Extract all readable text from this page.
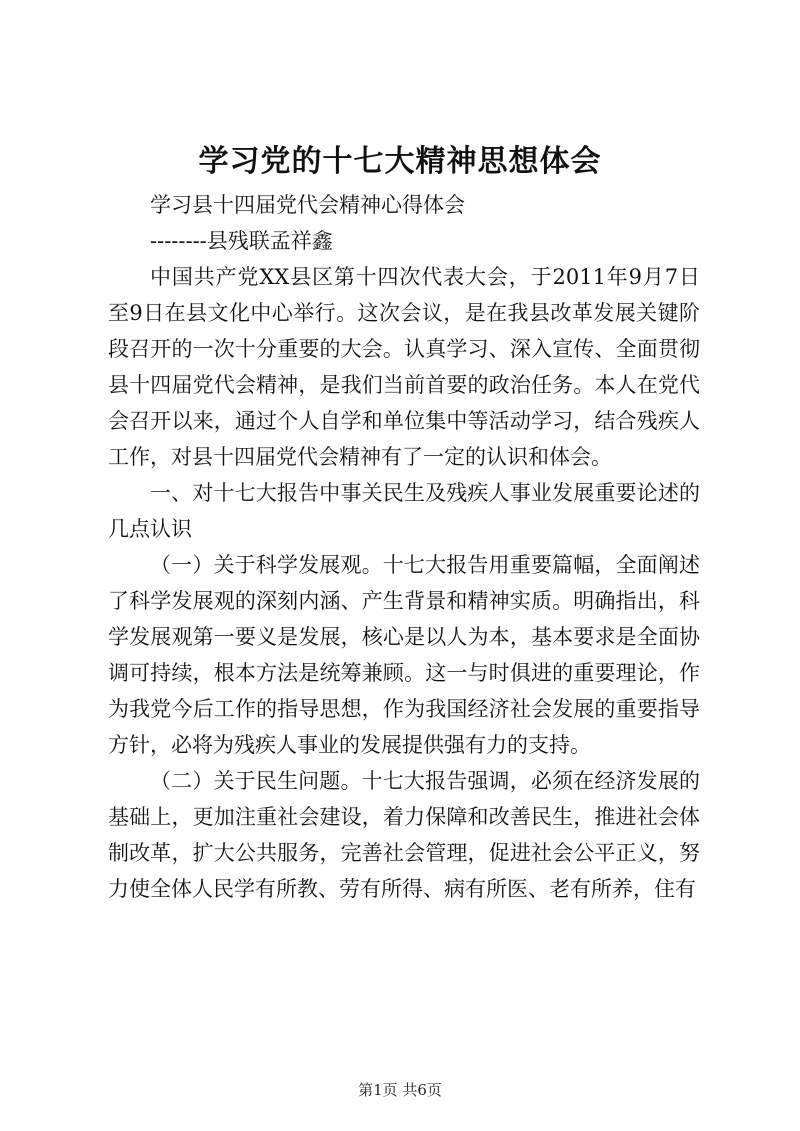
学习党的十七大精神思想体会

学习县十四届党代会精神心得体会

--------县残联孟祥鑫

中国共产党XX县区第十四次代表大会，于2011年9月7日至9日在县文化中心举行。这次会议，是在我县改革发展关键阶段召开的一次十分重要的大会。认真学习、深入宣传、全面贯彻县十四届党代会精神，是我们当前首要的政治任务。本人在党代会召开以来，通过个人自学和单位集中等活动学习，结合残疾人工作，对县十四届党代会精神有了一定的认识和体会。

一、对十七大报告中事关民生及残疾人事业发展重要论述的几点认识

（一）关于科学发展观。十七大报告用重要篇幅，全面阐述了科学发展观的深刻内涵、产生背景和精神实质。明确指出，科学发展观第一要义是发展，核心是以人为本，基本要求是全面协调可持续，根本方法是统筹兼顾。这一与时俱进的重要理论，作为我党今后工作的指导思想，作为我国经济社会发展的重要指导方针，必将为残疾人事业的发展提供强有力的支持。

（二）关于民生问题。十七大报告强调，必须在经济发展的基础上，更加注重社会建设，着力保障和改善民生，推进社会体制改革，扩大公共服务，完善社会管理，促进社会公平正义，努力使全体人民学有所教、劳有所得、病有所医、老有所养，住有

第1页 共6页
